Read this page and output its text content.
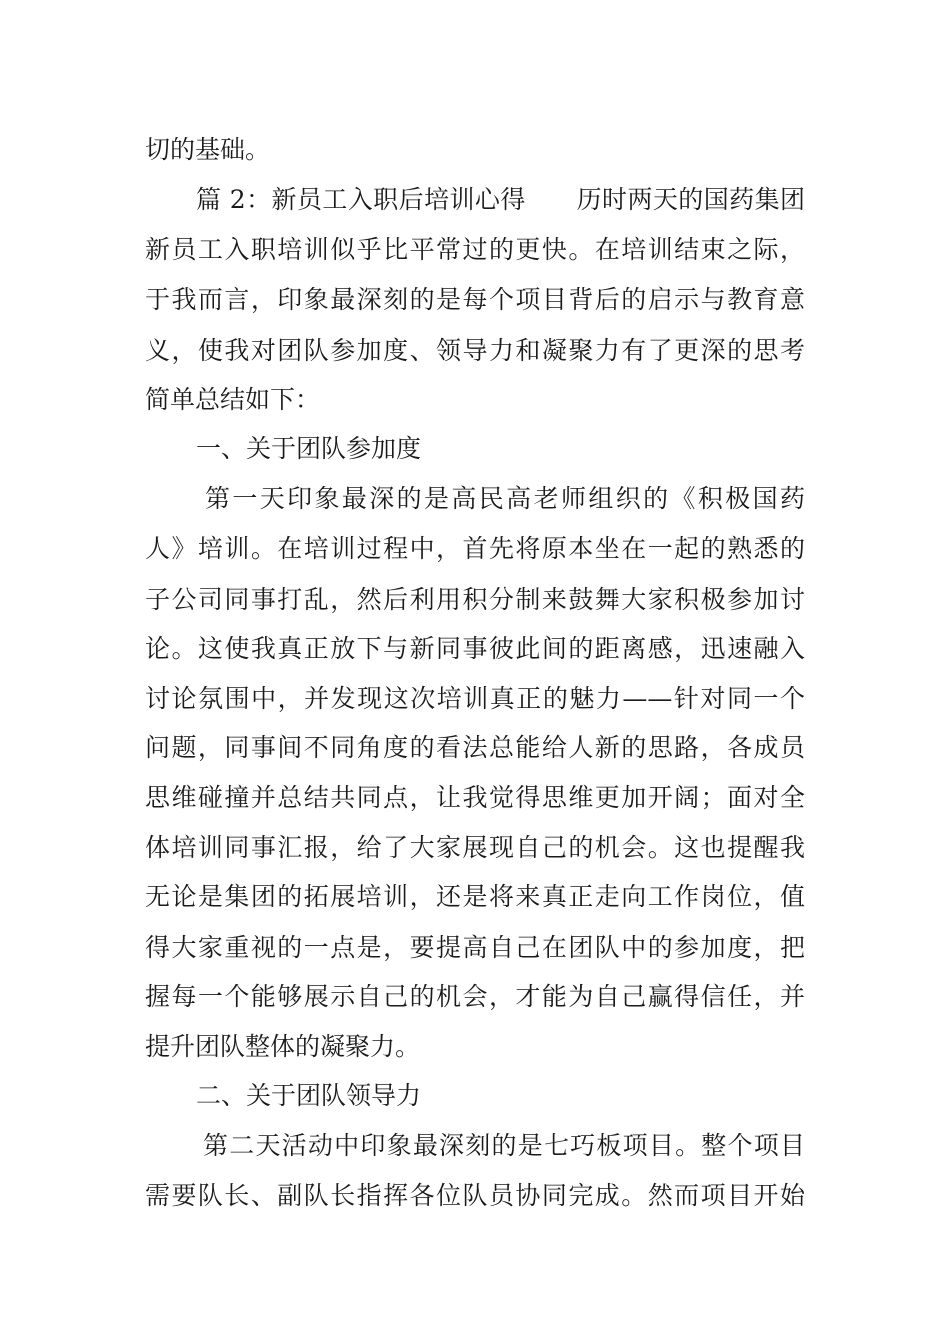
切的基础。
篇 2：新员工入职后培训心得　　历时两天的国药集团
新员工入职培训似乎比平常过的更快。在培训结束之际，
于我而言，印象最深刻的是每个项目背后的启示与教育意
义，使我对团队参加度、领导力和凝聚力有了更深的思考
简单总结如下：
一、关于团队参加度
第一天印象最深的是高民高老师组织的《积极国药
人》培训。在培训过程中，首先将原本坐在一起的熟悉的
子公司同事打乱，然后利用积分制来鼓舞大家积极参加讨
论。这使我真正放下与新同事彼此间的距离感，迅速融入
讨论氛围中，并发现这次培训真正的魅力——针对同一个
问题，同事间不同角度的看法总能给人新的思路，各成员
思维碰撞并总结共同点，让我觉得思维更加开阔；面对全
体培训同事汇报，给了大家展现自己的机会。这也提醒我
无论是集团的拓展培训，还是将来真正走向工作岗位，值
得大家重视的一点是，要提高自己在团队中的参加度，把
握每一个能够展示自己的机会，才能为自己赢得信任，并
提升团队整体的凝聚力。
二、关于团队领导力
第二天活动中印象最深刻的是七巧板项目。整个项目
需要队长、副队长指挥各位队员协同完成。然而项目开始
